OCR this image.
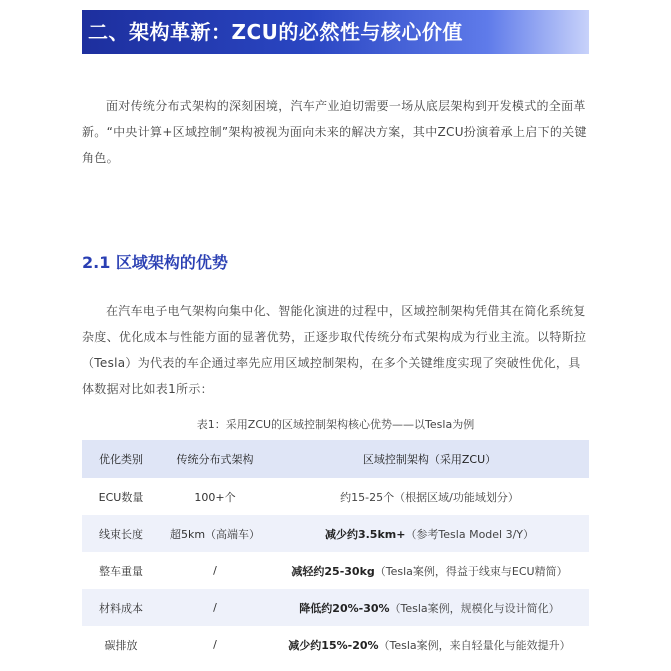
二、架构革新：ZCU的必然性与核心价值

面对传统分布式架构的深刻困境，汽车产业迫切需要一场从底层架构到开发模式的全面革新。“中央计算+区域控制”架构被视为面向未来的解决方案，其中ZCU扮演着承上启下的关键角色。

2.1 区域架构的优势

在汽车电子电气架构向集中化、智能化演进的过程中，区域控制架构凭借其在简化系统复杂度、优化成本与性能方面的显著优势，正逐步取代传统分布式架构成为行业主流。以特斯拉（Tesla）为代表的车企通过率先应用区域控制架构，在多个关键维度实现了突破性优化，具体数据对比如表1所示：

表1：采用ZCU的区域控制架构核心优势——以Tesla为例
优化类别	传统分布式架构	区域控制架构（采用ZCU）
ECU数量	100+个	约15-25个（根据区域/功能域划分）
线束长度	超5km（高端车）	减少约3.5km+（参考Tesla Model 3/Y）
整车重量	/	减轻约25-30kg（Tesla案例，得益于线束与ECU精简）
材料成本	/	降低约20%-30%（Tesla案例，规模化与设计简化）
碳排放	/	减少约15%-20%（Tesla案例，来自轻量化与能效提升）
